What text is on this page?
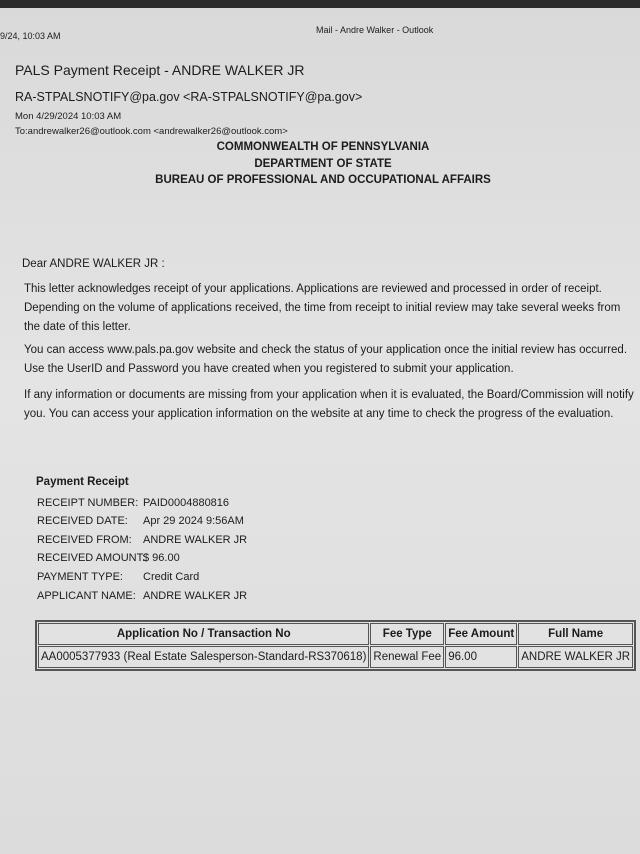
9/24, 10:03 AM
Mail - Andre Walker - Outlook
PALS Payment Receipt - ANDRE WALKER JR
RA-STPALSNOTIFY@pa.gov <RA-STPALSNOTIFY@pa.gov>
Mon 4/29/2024 10:03 AM
To:andrewalker26@outlook.com <andrewalker26@outlook.com>
COMMONWEALTH OF PENNSYLVANIA
DEPARTMENT OF STATE
BUREAU OF PROFESSIONAL AND OCCUPATIONAL AFFAIRS
Dear ANDRE WALKER JR :
This letter acknowledges receipt of your applications. Applications are reviewed and processed in order of receipt. Depending on the volume of applications received, the time from receipt to initial review may take several weeks from the date of this letter.
You can access www.pals.pa.gov website and check the status of your application once the initial review has occurred. Use the UserID and Password you have created when you registered to submit your application.
If any information or documents are missing from your application when it is evaluated, the Board/Commission will notify you. You can access your application information on the website at any time to check the progress of the evaluation.
Payment Receipt
RECEIPT NUMBER: PAID0004880816
RECEIVED DATE: Apr 29 2024 9:56AM
RECEIVED FROM: ANDRE WALKER JR
RECEIVED AMOUNT:
$ 96.00
PAYMENT TYPE: Credit Card
APPLICANT NAME: ANDRE WALKER JR
Application No / Transaction No	Fee Type	Fee Amount	Full Name
AA0005377933 (Real Estate Salesperson-Standard-RS370618)	Renewal Fee	96.00	ANDRE WALKER JR
